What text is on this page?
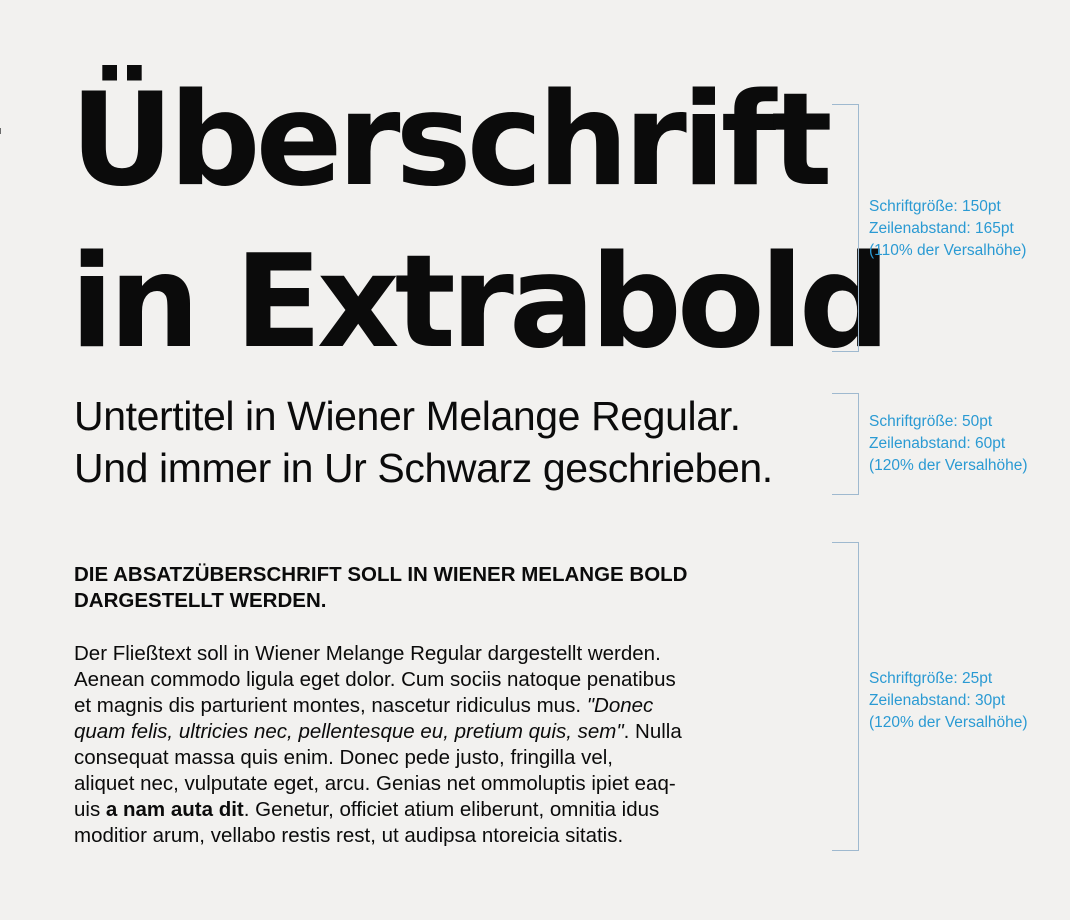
Überschrift
in Extrabold
Schriftgröße: 150pt
Zeilenabstand: 165pt
(110% der Versalhöhe)
Untertitel in Wiener Melange Regular.
Und immer in Ur Schwarz geschrieben.
Schriftgröße: 50pt
Zeilenabstand: 60pt
(120% der Versalhöhe)
DIE ABSATZÜBERSCHRIFT SOLL IN WIENER MELANGE BOLD
DARGESTELLT WERDEN.
Der Fließtext soll in Wiener Melange Regular dargestellt werden.
Aenean commodo ligula eget dolor. Cum sociis natoque penatibus
et magnis dis parturient montes, nascetur ridiculus mus. "Donec
quam felis, ultricies nec, pellentesque eu, pretium quis, sem". Nulla
consequat massa quis enim. Donec pede justo, fringilla vel,
aliquet nec, vulputate eget, arcu. Genias net ommoluptis ipiet eaq-
uis a nam auta dit. Genetur, officiet atium eliberunt, omnitia idus
moditior arum, vellabo restis rest, ut audipsa ntoreicia sitatis.
Schriftgröße: 25pt
Zeilenabstand: 30pt
(120% der Versalhöhe)
